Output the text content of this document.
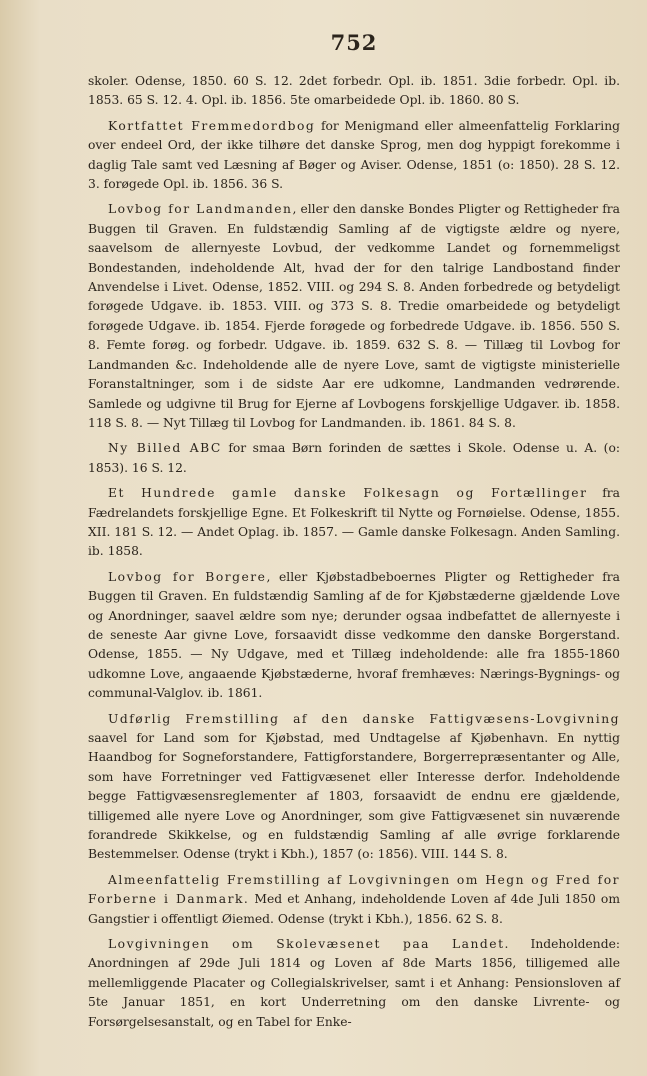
752

skoler. Odense, 1850. 60 S. 12. 2det forbedr. Opl. ib. 1851. 3die forbedr. Opl. ib. 1853. 65 S. 12. 4. Opl. ib. 1856. 5te omarbeidede Opl. ib. 1860. 80 S.

Kortfattet Fremmedordbog for Menigmand eller almeenfattelig Forklaring over endeel Ord, der ikke tilhøre det danske Sprog, men dog hyppigt forekomme i daglig Tale samt ved Læsning af Bøger og Aviser. Odense, 1851 (o: 1850). 28 S. 12. 3. forøgede Opl. ib. 1856. 36 S.

Lovbog for Landmanden, eller den danske Bondes Pligter og Rettigheder fra Buggen til Graven. En fuldstændig Samling af de vigtigste ældre og nyere, saavelsom de allernyeste Lovbud, der vedkomme Landet og fornemmeligst Bondestanden, indeholdende Alt, hvad der for den talrige Landbostand finder Anvendelse i Livet. Odense, 1852. VIII. og 294 S. 8. Anden forbedrede og betydeligt forøgede Udgave. ib. 1853. VIII. og 373 S. 8. Tredie omarbeidede og betydeligt forøgede Udgave. ib. 1854. Fjerde forøgede og forbedrede Udgave. ib. 1856. 550 S. 8. Femte forøg. og forbedr. Udgave. ib. 1859. 632 S. 8. — Tillæg til Lovbog for Landmanden &c. Indeholdende alle de nyere Love, samt de vigtigste ministerielle Foranstaltninger, som i de sidste Aar ere udkomne, Landmanden vedrørende. Samlede og udgivne til Brug for Ejerne af Lovbogens forskjellige Udgaver. ib. 1858. 118 S. 8. — Nyt Tillæg til Lovbog for Landmanden. ib. 1861. 84 S. 8.

Ny Billed ABC for smaa Børn forinden de sættes i Skole. Odense u. A. (o: 1853). 16 S. 12.

Et Hundrede gamle danske Folkesagn og Fortællinger fra Fædrelandets forskjellige Egne. Et Folkeskrift til Nytte og Fornøielse. Odense, 1855. XII. 181 S. 12. — Andet Oplag. ib. 1857. — Gamle danske Folkesagn. Anden Samling. ib. 1858.

Lovbog for Borgere, eller Kjøbstadbeboernes Pligter og Rettigheder fra Buggen til Graven. En fuldstændig Samling af de for Kjøbstæderne gjældende Love og Anordninger, saavel ældre som nye; derunder ogsaa indbefattet de allernyeste i de seneste Aar givne Love, forsaavidt disse vedkomme den danske Borgerstand. Odense, 1855. — Ny Udgave, med et Tillæg indeholdende: alle fra 1855-1860 udkomne Love, angaaende Kjøbstæderne, hvoraf fremhæves: Nærings-Bygnings- og communal-Valglov. ib. 1861.

Udførlig Fremstilling af den danske Fattigvæsens-Lovgivning saavel for Land som for Kjøbstad, med Undtagelse af Kjøbenhavn. En nyttig Haandbog for Sogneforstandere, Fattigforstandere, Borgerrepræsentanter og Alle, som have Forretninger ved Fattigvæsenet eller Interesse derfor. Indeholdende begge Fattigvæsensreglementer af 1803, forsaavidt de endnu ere gjældende, tilligemed alle nyere Love og Anordninger, som give Fattigvæsenet sin nuværende forandrede Skikkelse, og en fuldstændig Samling af alle øvrige forklarende Bestemmelser. Odense (trykt i Kbh.), 1857 (o: 1856). VIII. 144 S. 8.

Almeenfattelig Fremstilling af Lovgivningen om Hegn og Fred for Forberne i Danmark. Med et Anhang, indeholdende Loven af 4de Juli 1850 om Gangstier i offentligt Øiemed. Odense (trykt i Kbh.), 1856. 62 S. 8.

Lovgivningen om Skolevæsenet paa Landet. Indeholdende: Anordningen af 29de Juli 1814 og Loven af 8de Marts 1856, tilligemed alle mellemliggende Placater og Collegialskrivelser, samt i et Anhang: Pensionsloven af 5te Januar 1851, en kort Underretning om den danske Livrente- og Forsørgelsesanstalt, og en Tabel for Enke-
